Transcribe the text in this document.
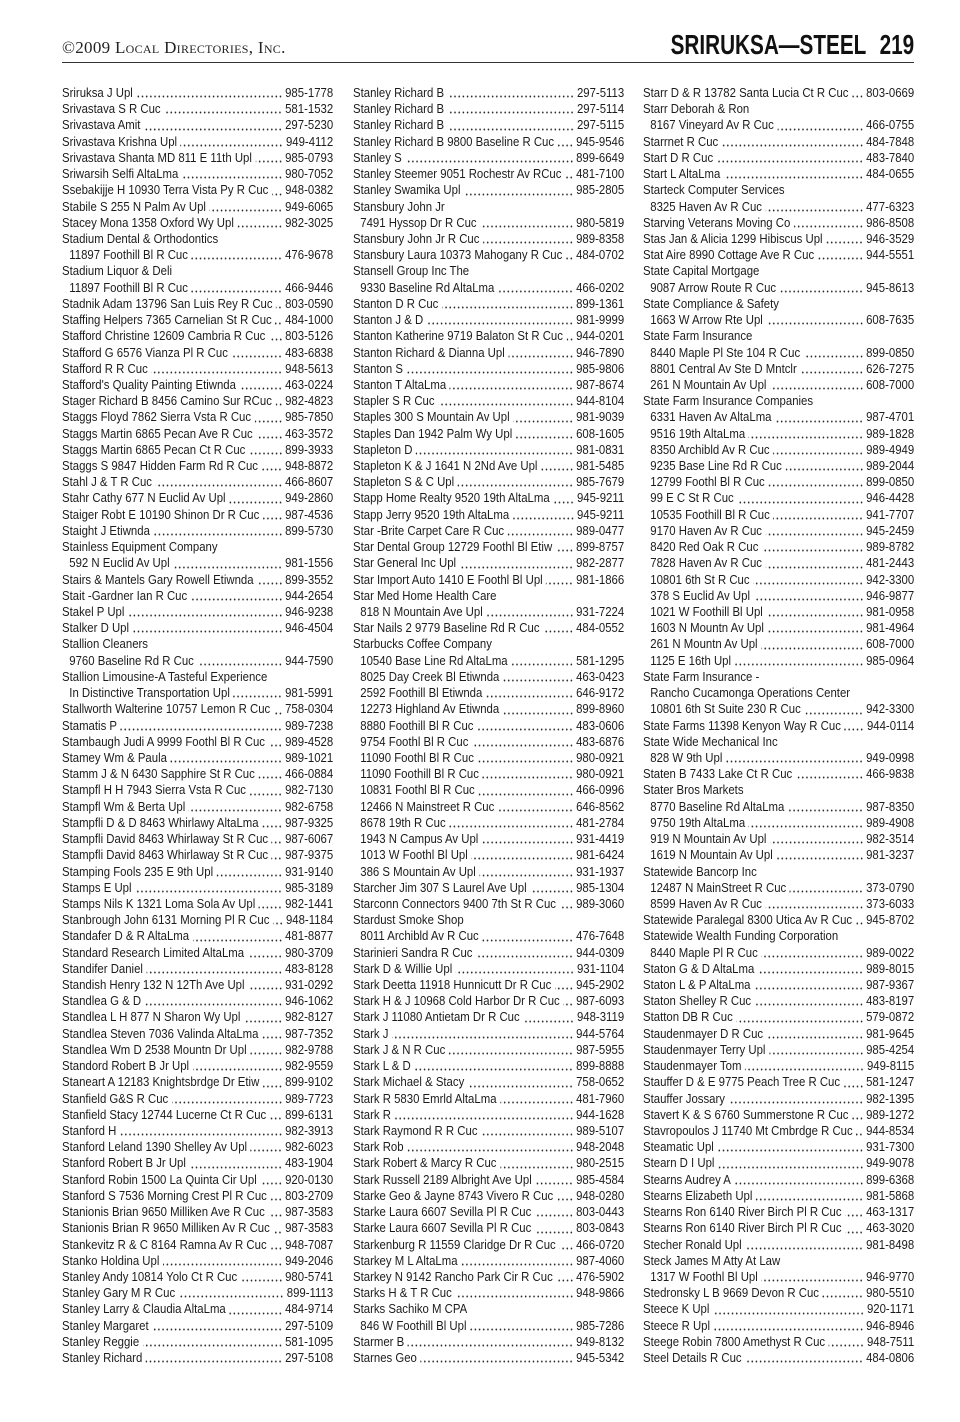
©2009 Local Directories, Inc.	SRIRUKSA—STEEL 219
Sriruksa J Upl	985-1778
Srivastava S R Cuc	581-1532
Srivastava Amit	297-5230
Srivastava Krishna Upl	949-4112
Srivastava Shanta MD 811 E 11th Upl	985-0793
Sriwarsih Selfi AltaLma	980-7052
Ssebakijje H 10930 Terra Vista Py R Cuc 948-0382
Stabile S 255 N Palm Av Upl	949-6065
Stacey Mona 1358 Oxford Wy Upl	982-3025
Stadium Dental & Orthodontics
11897 Foothill Bl R Cuc	476-9678
Stadium Liquor & Deli
11897 Foothill Bl R Cuc	466-9446
Stadnik Adam 13796 San Luis Rey R Cuc 803-0590
Staffing Helpers 7365 Carnelian St R Cuc 484-1000
Stafford Christine 12609 Cambria R Cuc 803-5126
Stafford G 6576 Vianza Pl R Cuc	483-6838
Stafford R R Cuc	948-5613
Stafford's Quality Painting Etiwnda	463-0224
Stager Richard B 8456 Camino Sur RCuc 982-4823
Staggs Floyd 7862 Sierra Vsta R Cuc	985-7850
Staggs Martin 6865 Pecan Ave R Cuc	463-3572
Staggs Martin 6865 Pecan Ct R Cuc	899-3933
Staggs S 9847 Hidden Farm Rd R Cuc 948-8872
Stahl J & T R Cuc	466-8607
Stahr Cathy 677 N Euclid Av Upl	949-2860
Staiger Robt E 10190 Shinon Dr R Cuc 987-4536
Staight J Etiwnda	899-5730
Stainless Equipment Company
592 N Euclid Av Upl	981-1556
Stairs & Mantels Gary Rowell Etiwnda	899-3552
Stait -Gardner Ian R Cuc	944-2654
Stakel P Upl	946-9238
Stalker D Upl	946-4504
Stallion Cleaners
9760 Baseline Rd R Cuc	944-7590
Stallion Limousine-A Tasteful Experience
In Distinctive Transportation Upl	981-5991
Stallworth Walterine 10757 Lemon R Cuc 758-0304
Stamatis P	989-7238
Stambaugh Judi A 9999 Foothl Bl R Cuc 989-4528
Stamey Wm & Paula	989-1021
Stamm J & N 6430 Sapphire St R Cuc 466-0884
Stampfl H H 7943 Sierra Vsta R Cuc	982-7130
Stampfl Wm & Berta Upl	982-6758
Stampfli D & D 8463 Whirlawy AltaLma 987-9325
Stampfli David 8463 Whirlaway St R Cuc 987-6067
Stampfli David 8463 Whirlaway St R Cuc 987-9375
Stamping Fools 235 E 9th Upl	931-9140
Stamps E Upl	985-3189
Stamps Nils K 1321 Loma Sola Av Upl 982-1441
Stanbrough John 6131 Morning Pl R Cuc 948-1184
Standafer D & R AltaLma	481-8877
Standard Research Limited AltaLma	980-3709
Standifer Daniel	483-8128
Standish Henry 132 N 12Th Ave Upl	931-0292
Standlea G & D	946-1062
Standlea L H 877 N Sharon Wy Upl	982-8127
Standlea Steven 7036 Valinda AltaLma 987-7352
Standlea Wm D 2538 Mountn Dr Upl	982-9788
Standord Robert B Jr Upl	982-9559
Staneart A 12183 Knightsbrdge Dr Etiw 899-9102
Stanfield G&S R Cuc	989-7723
Stanfield Stacy 12744 Lucerne Ct R Cuc 899-6131
Stanford H	982-3913
Stanford Leland 1390 Shelley Av Upl	982-6023
Stanford Robert B Jr Upl	483-1904
Stanford Robin 1500 La Quinta Cir Upl 920-0130
Stanford S 7536 Morning Crest Pl R Cuc 803-2709
Stanionis Brian 9650 Milliken Ave R Cuc 987-3583
Stanionis Brian R 9650 Milliken Av R Cuc 987-3583
Stankevitz R & C 8164 Ramna Av R Cuc 948-7087
Stanko Holdina Upl	949-2046
Stanley Andy 10814 Yolo Ct R Cuc	980-5741
Stanley Gary M R Cuc	899-1113
Stanley Larry & Claudia AltaLma	484-9714
Stanley Margaret	297-5109
Stanley Reggie	581-1095
Stanley Richard	297-5108
Stanley Richard B	297-5113
Stanley Richard B	297-5114
Stanley Richard B	297-5115
Stanley Richard B 9800 Baseline R Cuc 945-9546
Stanley S	899-6649
Stanley Steemer 9051 Rochestr Av RCuc 481-7100
Stanley Swamika Upl	985-2805
Stansbury John Jr
7491 Hyssop Dr R Cuc	980-5819
Stansbury John Jr R Cuc	989-8358
Stansbury Laura 10373 Mahogany R Cuc 484-0702
Stansell Group Inc The
9330 Baseline Rd AltaLma	466-0202
Stanton D R Cuc	899-1361
Stanton J & D	981-9999
Stanton Katherine 9719 Balaton St R Cuc 944-0201
Stanton Richard & Dianna Upl	946-7890
Stanton S	985-9806
Stanton T AltaLma	987-8674
Stapler S R Cuc	944-8104
Staples 300 S Mountain Av Upl	981-9039
Staples Dan 1942 Palm Wy Upl	608-1605
Stapleton D	981-0831
Stapleton K & J 1641 N 2Nd Ave Upl	981-5485
Stapleton S & C Upl	985-7679
Stapp Home Realty 9520 19th AltaLma 945-9211
Stapp Jerry 9520 19th AltaLma	945-9211
Star -Brite Carpet Care R Cuc	989-0477
Star Dental Group 12729 Foothl Bl Etiw 899-8757
Star General Inc Upl	982-2877
Star Import Auto 1410 E Foothl Bl Upl	981-1866
Star Med Home Health Care
818 N Mountain Ave Upl	931-7224
Star Nails 2 9779 Baseline Rd R Cuc	484-0552
Starbucks Coffee Company
10540 Base Line Rd AltaLma	581-1295
8025 Day Creek Bl Etiwnda	463-0423
2592 Foothill Bl Etiwnda	646-9172
12273 Highland Av Etiwnda	899-8960
8880 Foothill Bl R Cuc	483-0606
9754 Foothl Bl R Cuc	483-6876
11090 Foothl Bl R Cuc	980-0921
11090 Foothill Bl R Cuc	980-0921
10831 Foothl Bl R Cuc	466-0996
12466 N Mainstreet R Cuc	646-8562
8678 19th R Cuc	481-2784
1943 N Campus Av Upl	931-4419
1013 W Foothl Bl Upl	981-6424
386 S Mountain Av Upl	931-1937
Starcher Jim 307 S Laurel Ave Upl	985-1304
Starconn Connectors 9400 7th St R Cuc 989-3060
Stardust Smoke Shop
8011 Archibld Av R Cuc	476-7648
Starinieri Sandra R Cuc	944-0309
Stark D & Willie Upl	931-1104
Stark Deetta 11918 Hunnicutt Dr R Cuc 945-2902
Stark H & J 10968 Cold Harbor Dr R Cuc 987-6093
Stark J 11080 Antietam Dr R Cuc	948-3119
Stark J	944-5764
Stark J & N R Cuc	987-5955
Stark L & D	899-8888
Stark Michael & Stacy	758-0652
Stark R 5830 Emrld AltaLma	481-7960
Stark R	944-1628
Stark Raymond R R Cuc	989-5107
Stark Rob	948-2048
Stark Robert & Marcy R Cuc	980-2515
Stark Russell 2189 Albright Ave Upl	985-4584
Starke Geo & Jayne 8743 Vivero R Cuc 948-0280
Starke Laura 6607 Sevilla Pl R Cuc	803-0443
Starke Laura 6607 Sevilla Pl R Cuc	803-0843
Starkenburg R 11559 Claridge Dr R Cuc 466-0720
Starkey M L AltaLma	987-4060
Starkey N 9142 Rancho Park Cir R Cuc 476-5902
Starks H & T R Cuc	948-9866
Starks Sachiko M CPA
846 W Foothill Bl Upl	985-7286
Starmer B	949-8132
Starnes Geo	945-5342
Starr D & R 13782 Santa Lucia Ct R Cuc 803-0669
Starr Deborah & Ron
8167 Vineyard Av R Cuc	466-0755
Starrnet R Cuc	484-7848
Start D R Cuc	483-7840
Start L AltaLma	484-0655
Starteck Computer Services
8325 Haven Av R Cuc	477-6323
Starving Veterans Moving Co	986-8508
Stas Jan & Alicia 1299 Hibiscus Upl	946-3529
Stat Aire 8990 Cottage Ave R Cuc	944-5551
State Capital Mortgage
9087 Arrow Route R Cuc	945-8613
State Compliance & Safety
1663 W Arrow Rte Upl	608-7635
State Farm Insurance
8440 Maple Pl Ste 104 R Cuc	899-0850
8801 Central Av Ste D Mntclr	626-7275
261 N Mountain Av Upl	608-7000
State Farm Insurance Companies
6331 Haven Av AltaLma	987-4701
9516 19th AltaLma	989-1828
8350 Archibld Av R Cuc	989-4949
9235 Base Line Rd R Cuc	989-2044
12799 Foothl Bl R Cuc	899-0850
99 E C St R Cuc	946-4428
10535 Foothill Bl R Cuc	941-7707
9170 Haven Av R Cuc	945-2459
8420 Red Oak R Cuc	989-8782
7828 Haven Av R Cuc	481-2443
10801 6th St R Cuc	942-3300
378 S Euclid Av Upl	946-9877
1021 W Foothill Bl Upl	981-0958
1603 N Mountn Av Upl	981-4964
261 N Mountn Av Upl	608-7000
1125 E 16th Upl	985-0964
State Farm Insurance -
Rancho Cucamonga Operations Center
10801 6th St Suite 230 R Cuc	942-3300
State Farms 11398 Kenyon Way R Cuc 944-0114
State Wide Mechanical Inc
828 W 9th Upl	949-0998
Staten B 7433 Lake Ct R Cuc	466-9838
Stater Bros Markets
8770 Baseline Rd AltaLma	987-8350
9750 19th AltaLma	989-4908
919 N Mountain Av Upl	982-3514
1619 N Mountain Av Upl	981-3237
Statewide Bancorp Inc
12487 N MainStreet R Cuc	373-0790
8599 Haven Av R Cuc	373-6033
Statewide Paralegal 8300 Utica Av R Cuc 945-8702
Statewide Wealth Funding Corporation
8440 Maple Pl R Cuc	989-0022
Staton G & D AltaLma	989-8015
Staton L & P AltaLma	987-9367
Staton Shelley R Cuc	483-8197
Statton DB R Cuc	579-0872
Staudenmayer D R Cuc	981-9645
Staudenmayer Terry Upl	985-4254
Staudenmayer Tom	949-8115
Stauffer D & E 9775 Peach Tree R Cuc 581-1247
Stauffer Jossary	982-1395
Stavert K & S 6760 Summerstone R Cuc 989-1272
Stavropoulos J 11740 Mt Cmbrdge R Cuc 944-8534
Steamatic Upl	931-7300
Stearn D I Upl	949-9078
Stearns Audrey A	899-6368
Stearns Elizabeth Upl	981-5868
Stearns Ron 6140 River Birch Pl R Cuc 463-1317
Stearns Ron 6140 River Birch Pl R Cuc 463-3020
Stecher Ronald Upl	981-8498
Steck James M Atty At Law
1317 W Foothl Bl Upl	946-9770
Stedronsky L B 9669 Devon R Cuc	980-5510
Steece K Upl	920-1171
Steece R Upl	946-8946
Steege Robin 7800 Amethyst R Cuc	948-7511
Steel Details R Cuc	484-0806
